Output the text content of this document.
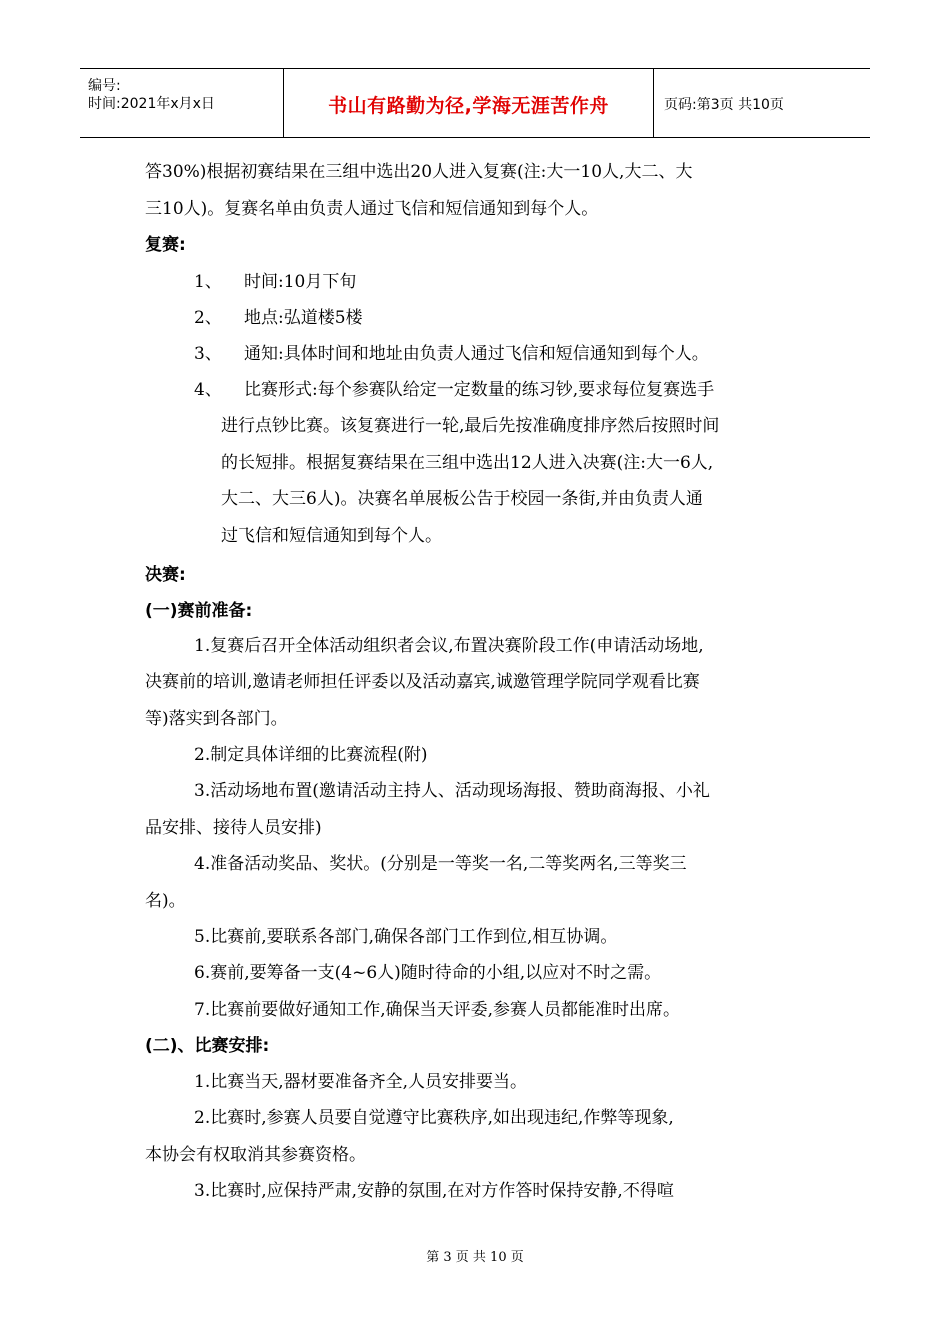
编号:
时间:2021年x月x日	书山有路勤为径,学海无涯苦作舟	页码:第3页 共10页
答30%)根据初赛结果在三组中选出20人进入复赛(注:大一10人,大二、大
三10人)。复赛名单由负责人通过飞信和短信通知到每个人。
复赛:
1、 时间:10月下旬
2、 地点:弘道楼5楼
3、 通知:具体时间和地址由负责人通过飞信和短信通知到每个人。
4、 比赛形式:每个参赛队给定一定数量的练习钞,要求每位复赛选手
进行点钞比赛。该复赛进行一轮,最后先按准确度排序然后按照时间
的长短排。根据复赛结果在三组中选出12人进入决赛(注:大一6人,
大二、大三6人)。决赛名单展板公告于校园一条街,并由负责人通
过飞信和短信通知到每个人。
决赛:
(一)赛前准备:
1.复赛后召开全体活动组织者会议,布置决赛阶段工作(申请活动场地,
决赛前的培训,邀请老师担任评委以及活动嘉宾,诚邀管理学院同学观看比赛
等)落实到各部门。
2.制定具体详细的比赛流程(附)
3.活动场地布置(邀请活动主持人、活动现场海报、赞助商海报、小礼
品安排、接待人员安排)
4.准备活动奖品、奖状。(分别是一等奖一名,二等奖两名,三等奖三
名)。
5.比赛前,要联系各部门,确保各部门工作到位,相互协调。
6.赛前,要筹备一支(4~6人)随时待命的小组,以应对不时之需。
7.比赛前要做好通知工作,确保当天评委,参赛人员都能准时出席。
(二)、比赛安排:
1.比赛当天,器材要准备齐全,人员安排要当。
2.比赛时,参赛人员要自觉遵守比赛秩序,如出现违纪,作弊等现象,
本协会有权取消其参赛资格。
3.比赛时,应保持严肃,安静的氛围,在对方作答时保持安静,不得喧
第 3 页 共 10 页
